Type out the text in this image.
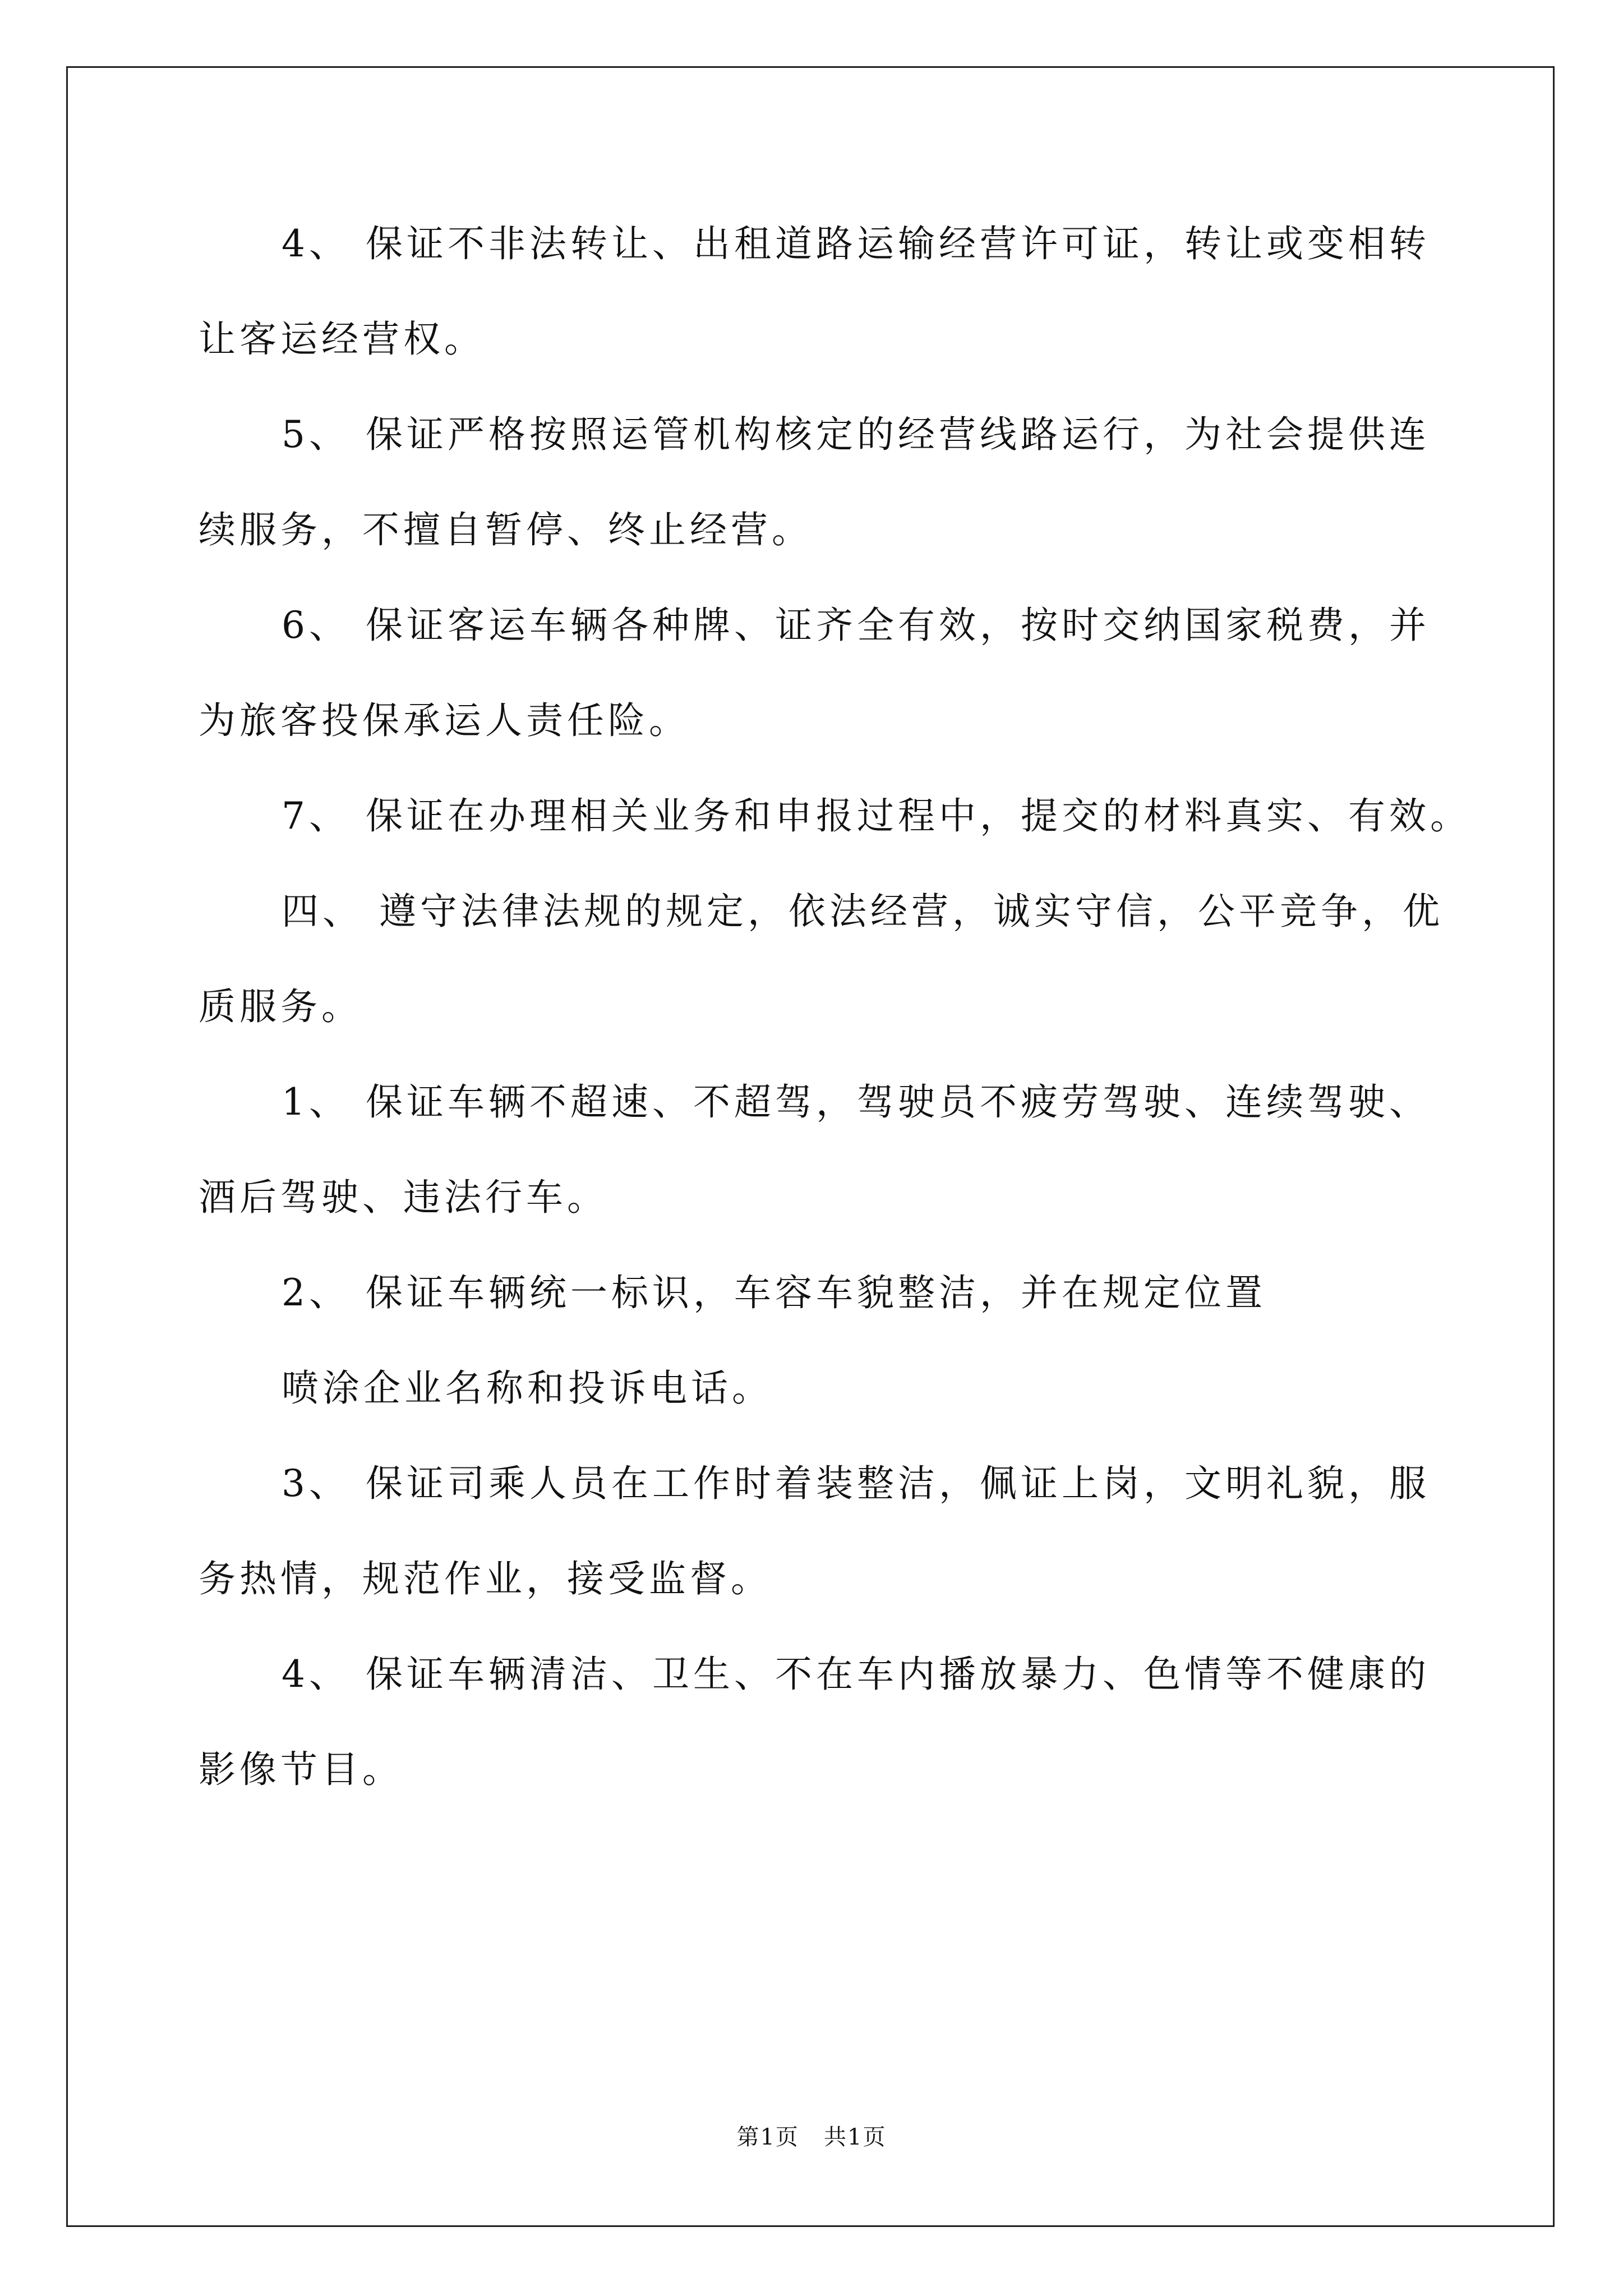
4、 保证不非法转让、出租道路运输经营许可证，转让或变相转
让客运经营权。
5、 保证严格按照运管机构核定的经营线路运行，为社会提供连
续服务，不擅自暂停、终止经营。
6、 保证客运车辆各种牌、证齐全有效，按时交纳国家税费，并
为旅客投保承运人责任险。
7、 保证在办理相关业务和申报过程中，提交的材料真实、有效。
四、 遵守法律法规的规定，依法经营，诚实守信，公平竞争，优
质服务。
1、 保证车辆不超速、不超驾，驾驶员不疲劳驾驶、连续驾驶、
酒后驾驶、违法行车。
2、 保证车辆统一标识，车容车貌整洁，并在规定位置
喷涂企业名称和投诉电话。
3、 保证司乘人员在工作时着装整洁，佩证上岗，文明礼貌，服
务热情，规范作业，接受监督。
4、 保证车辆清洁、卫生、不在车内播放暴力、色情等不健康的
影像节目。
第1页   共1页
